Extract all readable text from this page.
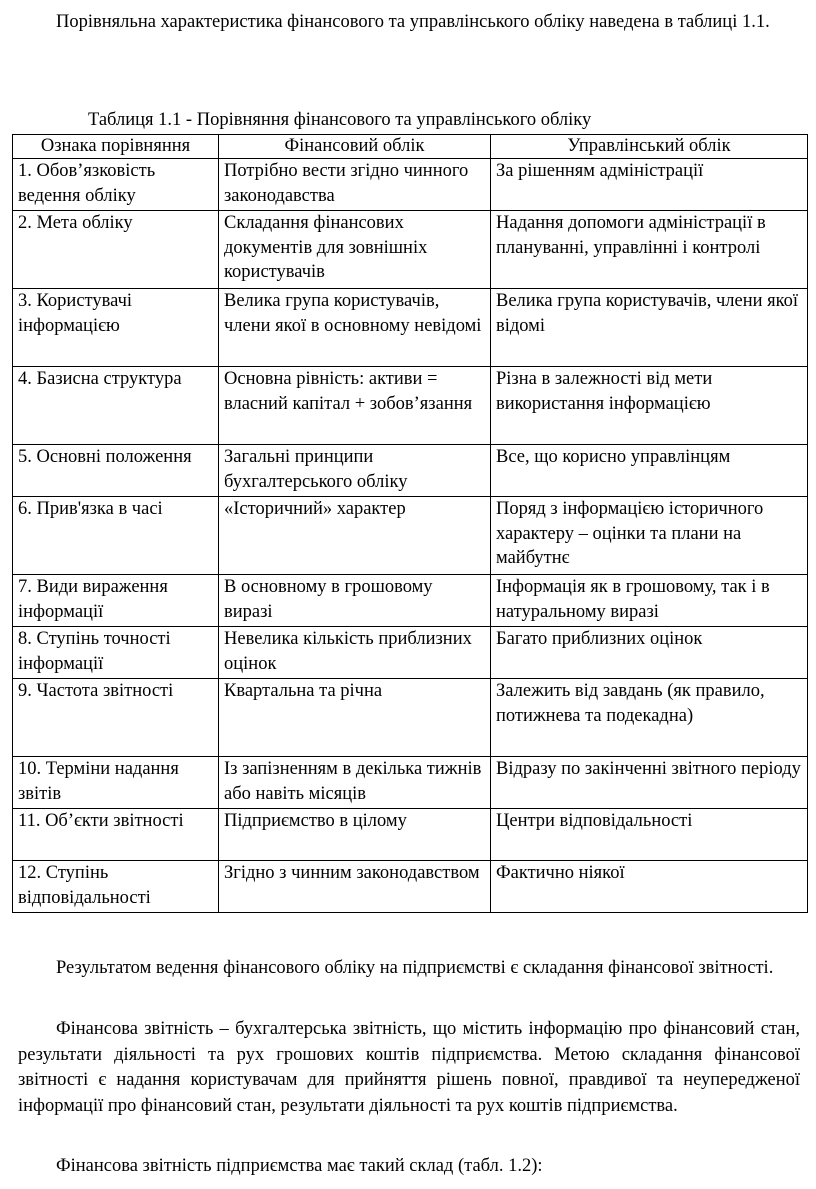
Порівняльна характеристика фінансового та управлінського обліку наведена в таблиці 1.1.

Таблиця 1.1 - Порівняння фінансового та управлінського обліку

Ознака порівняння	Фінансовий облік	Управлінський облік
1. Обов’язковість ведення обліку	Потрібно вести згідно чинного законодавства	За рішенням адміністрації
2. Мета обліку	Складання фінансових документів для зовнішніх користувачів	Надання допомоги адміністрації в плануванні, управлінні і контролі
3. Користувачі інформацією	Велика група користувачів, члени якої в основному невідомі	Велика група користувачів, члени якої відомі
4. Базисна структура	Основна рівність: активи = власний капітал + зобов’язання	Різна в залежності від мети використання інформацією
5. Основні положення	Загальні принципи бухгалтерського обліку	Все, що корисно управлінцям
6. Прив'язка в часі	«Історичний» характер	Поряд з інформацією історичного характеру – оцінки та плани на майбутнє
7. Види вираження інформації	В основному в грошовому виразі	Інформація як в грошовому, так і в натуральному виразі
8. Ступінь точності інформації	Невелика кількість приблизних оцінок	Багато приблизних оцінок
9. Частота звітності	Квартальна та річна	Залежить від завдань (як правило, потижнева та подекадна)
10. Терміни надання звітів	Із запізненням в декілька тижнів або навіть місяців	Відразу по закінченні звітного періоду
11. Об’єкти звітності	Підприємство в цілому	Центри відповідальності
12. Ступінь відповідальності	Згідно з чинним законодавством	Фактично ніякої

Результатом ведення фінансового обліку на підприємстві є складання фінансової звітності.

Фінансова звітність – бухгалтерська звітність, що містить інформацію про фінансовий стан, результати діяльності та рух грошових коштів підприємства. Метою складання фінансової звітності є надання користувачам для прийняття рішень повної, правдивої та неупередженої інформації про фінансовий стан, результати діяльності та рух коштів підприємства.

Фінансова звітність підприємства має такий склад (табл. 1.2):
